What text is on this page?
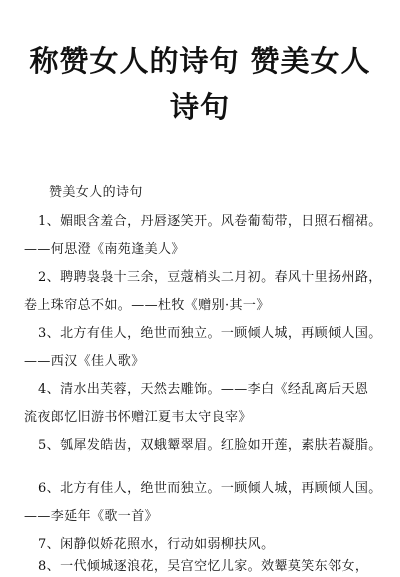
称赞女人的诗句 赞美女人
诗句
赞美女人的诗句
1、媚眼含羞合，丹唇逐笑开。风卷葡萄带，日照石榴裙。
——何思澄《南苑逢美人》
2、聘聘袅袅十三余，豆蔻梢头二月初。春风十里扬州路，
卷上珠帘总不如。——杜牧《赠别·其一》
3、北方有佳人，绝世而独立。一顾倾人城，再顾倾人国。
——西汉《佳人歌》
4、清水出芙蓉，天然去雕饰。——李白《经乱离后天恩
流夜郎忆旧游书怀赠江夏韦太守良宰》
5、瓠犀发皓齿，双蛾颦翠眉。红脸如开莲，素肤若凝脂。
6、北方有佳人，绝世而独立。一顾倾人城，再顾倾人国。
——李延年《歌一首》
7、闲静似娇花照水，行动如弱柳扶风。
8、一代倾城逐浪花，吴宫空忆儿家。效颦莫笑东邻女，
